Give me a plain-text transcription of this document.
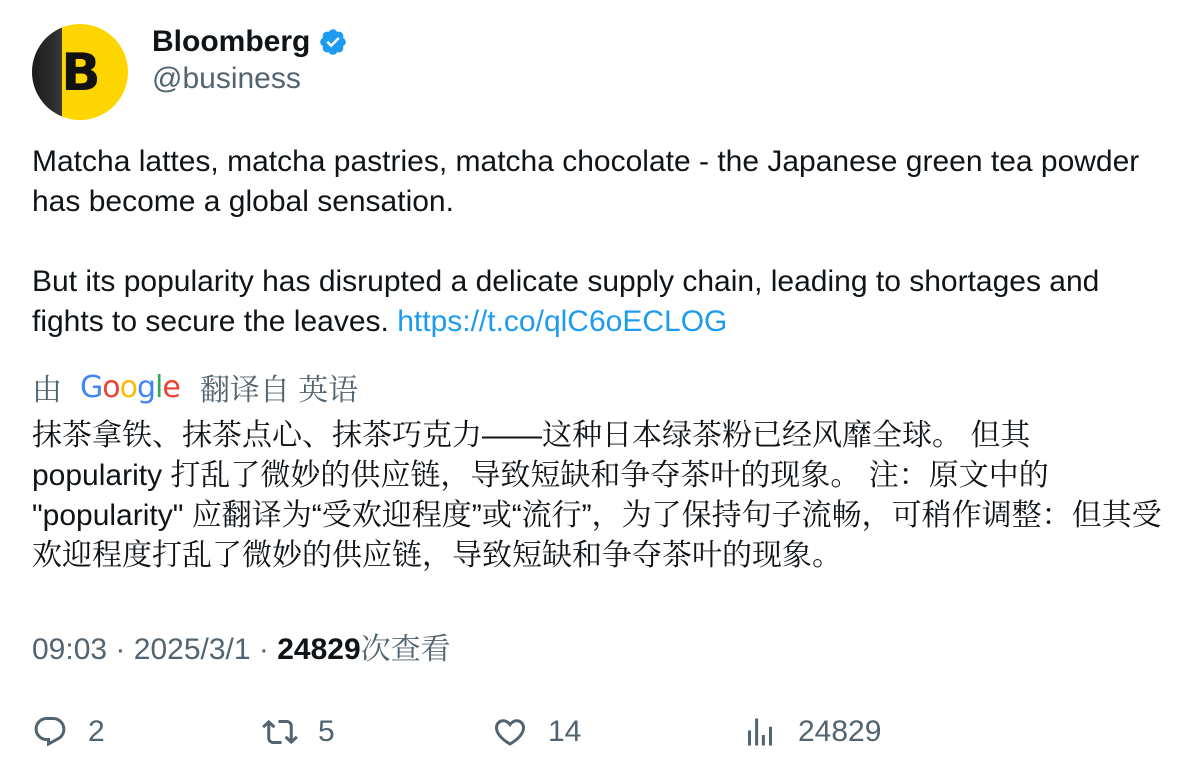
B
Bloomberg
@business

Matcha lattes, matcha pastries, matcha chocolate - the Japanese green tea powder has become a global sensation.

But its popularity has disrupted a delicate supply chain, leading to shortages and fights to secure the leaves. https://t.co/qlC6oECLOG

由 Google 翻译自 英语

抹茶拿铁、抹茶点心、抹茶巧克力——这种日本绿茶粉已经风靡全球。 但其 popularity 打乱了微妙的供应链，导致短缺和争夺茶叶的现象。 注：原文中的 "popularity" 应翻译为“受欢迎程度”或“流行”，为了保持句子流畅，可稍作调整：但其受欢迎程度打乱了微妙的供应链，导致短缺和争夺茶叶的现象。

09:03 · 2025/3/1 · 24829次查看
2	5	14	24829
